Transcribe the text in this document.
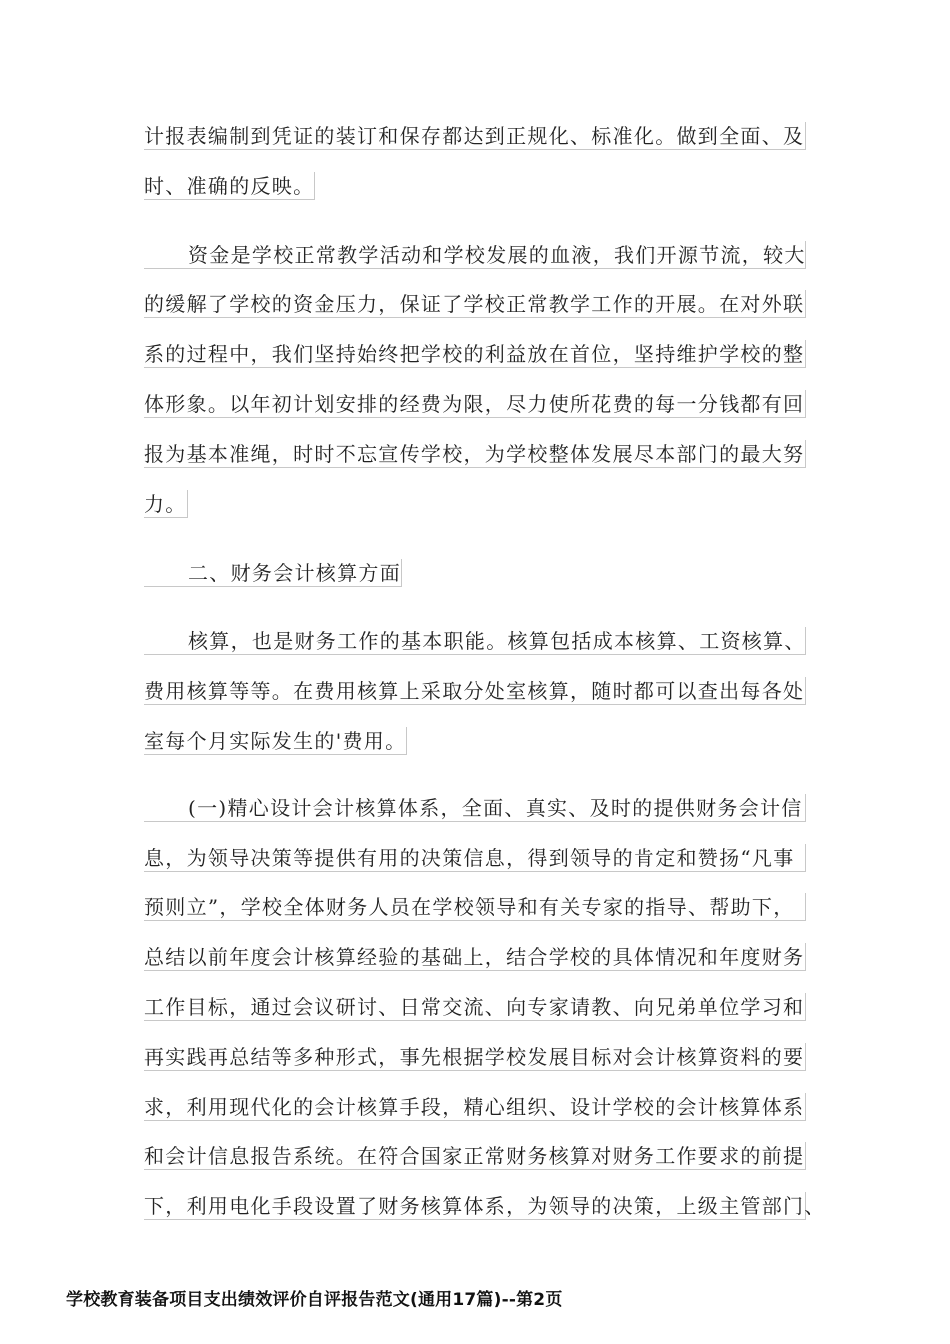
计报表编制到凭证的装订和保存都达到正规化、标准化。做到全面、及
时、准确的反映。
资金是学校正常教学活动和学校发展的血液，我们开源节流，较大
的缓解了学校的资金压力，保证了学校正常教学工作的开展。在对外联
系的过程中，我们坚持始终把学校的利益放在首位，坚持维护学校的整
体形象。以年初计划安排的经费为限，尽力使所花费的每一分钱都有回
报为基本准绳，时时不忘宣传学校，为学校整体发展尽本部门的最大努
力。
二、财务会计核算方面
核算，也是财务工作的基本职能。核算包括成本核算、工资核算、
费用核算等等。在费用核算上采取分处室核算，随时都可以查出每各处
室每个月实际发生的'费用。
(一)精心设计会计核算体系，全面、真实、及时的提供财务会计信
息，为领导决策等提供有用的决策信息，得到领导的肯定和赞扬“凡事
预则立”，学校全体财务人员在学校领导和有关专家的指导、帮助下，
总结以前年度会计核算经验的基础上，结合学校的具体情况和年度财务
工作目标，通过会议研讨、日常交流、向专家请教、向兄弟单位学习和
再实践再总结等多种形式，事先根据学校发展目标对会计核算资料的要
求，利用现代化的会计核算手段，精心组织、设计学校的会计核算体系
和会计信息报告系统。在符合国家正常财务核算对财务工作要求的前提
下，利用电化手段设置了财务核算体系，为领导的决策，上级主管部门、
学校教育装备项目支出绩效评价自评报告范文(通用17篇)--第2页
